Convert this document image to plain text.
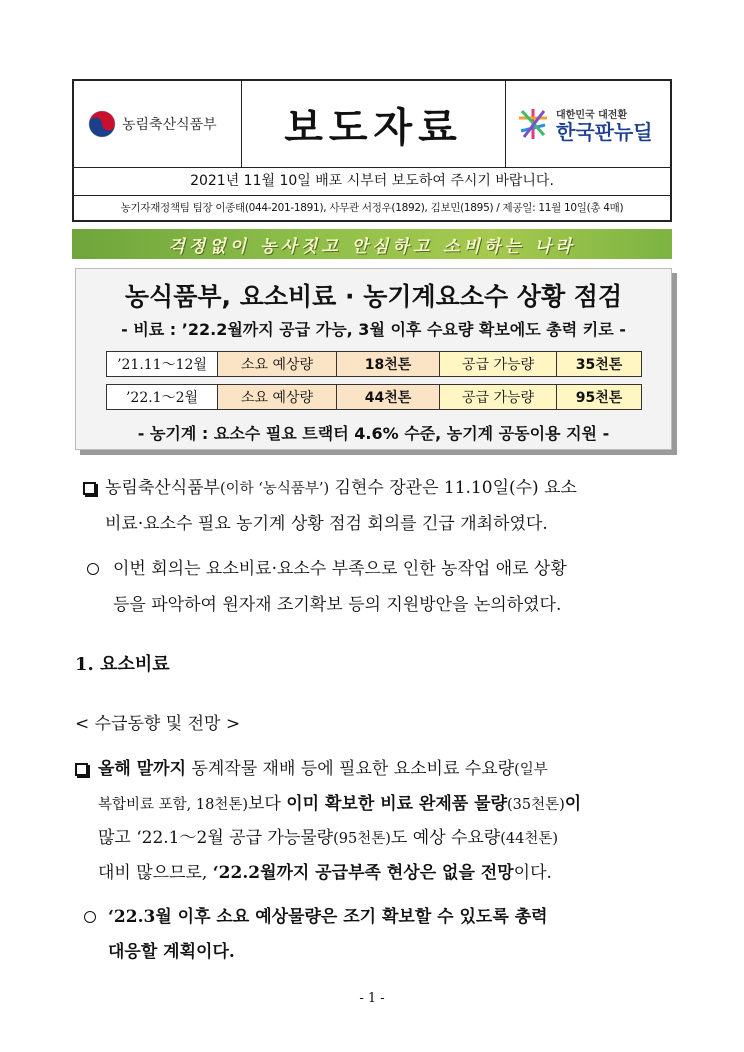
농림축산식품부 보도자료	대한민국 대전환
한국판뉴딜
2021년 11월 10일 배포 시부터 보도하여 주시기 바랍니다.
농기자재정책팀 팀장 이종태(044-201-1891), 사무관 서정우(1892), 김보민(1895) / 제공일: 11월 10일(총 4매)
걱정없이 농사짓고 안심하고 소비하는 나라
농식품부, 요소비료 · 농기계요소수 상황 점검
- 비료 : ’22.2월까지 공급 가능, 3월 이후 수요량 확보에도 총력 키로 -
’21.11～12월	소요 예상량	18천톤	공급 가능량	35천톤
’22.1～2월	소요 예상량	44천톤	공급 가능량	95천톤
- 농기계 : 요소수 필요 트랙터 4.6% 수준, 농기계 공동이용 지원 -
농림축산식품부(이하 ‘농식품부’) 김현수 장관은 11.10일(수) 요소
비료·요소수 필요 농기계 상황 점검 회의를 긴급 개최하였다.
이번 회의는 요소비료·요소수 부족으로 인한 농작업 애로 상황
등을 파악하여 원자재 조기확보 등의 지원방안을 논의하였다.
1. 요소비료
< 수급동향 및 전망 >
올해 말까지 동계작물 재배 등에 필요한 요소비료 수요량(일부
복합비료 포함, 18천톤)보다 이미 확보한 비료 완제품 물량(35천톤)이
많고 ‘22.1～2월 공급 가능물량(95천톤)도 예상 수요량(44천톤)
대비 많으므로, ‘22.2월까지 공급부족 현상은 없을 전망이다.
‘22.3월 이후 소요 예상물량은 조기 확보할 수 있도록 총력
대응할 계획이다.
- 1 -
